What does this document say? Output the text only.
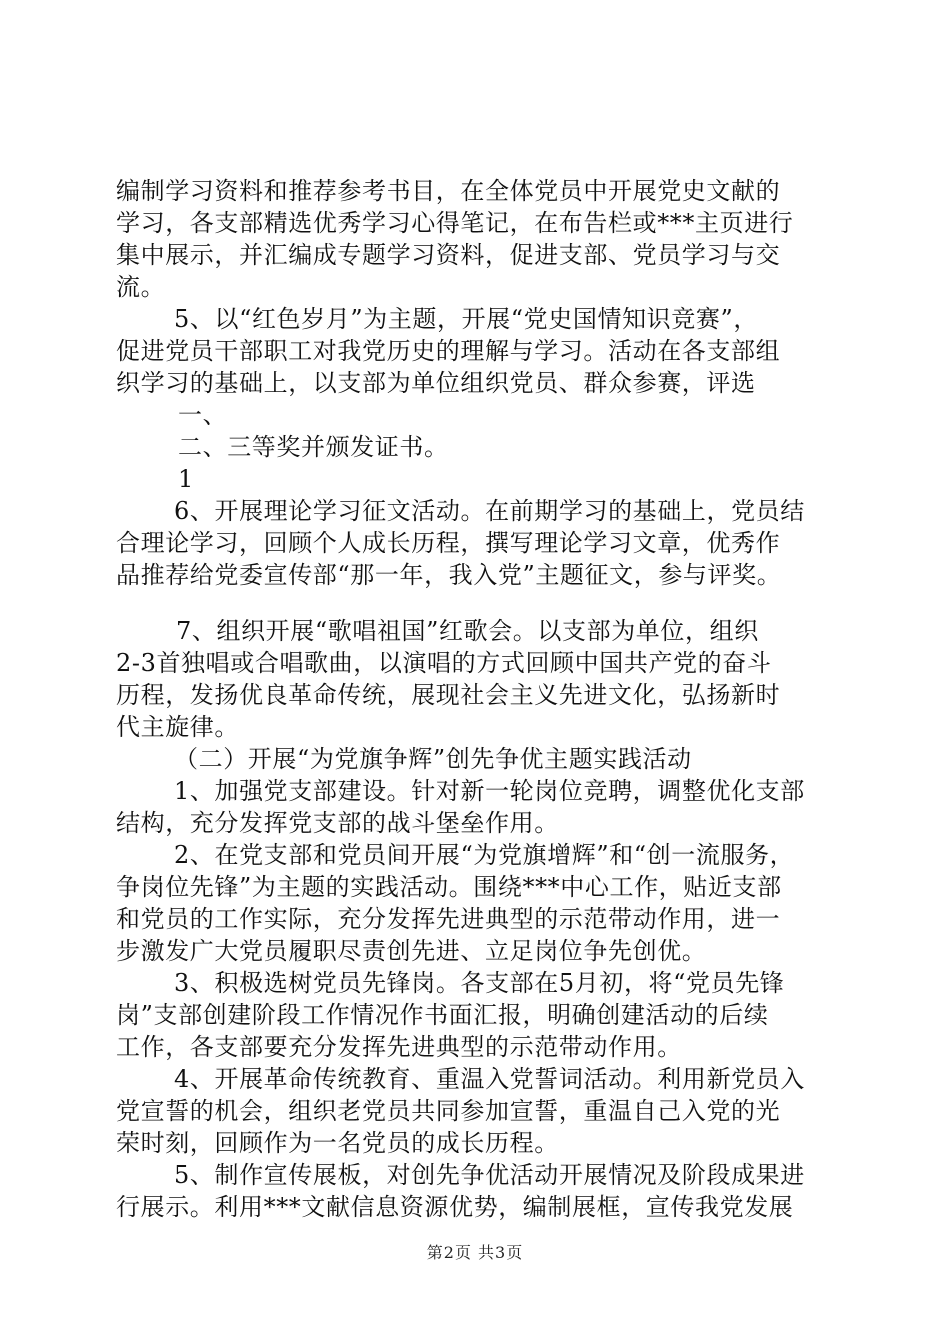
编制学习资料和推荐参考书目，在全体党员中开展党史文献的
学习，各支部精选优秀学习心得笔记，在布告栏或***主页进行
集中展示，并汇编成专题学习资料，促进支部、党员学习与交
流。
5、以“红色岁月”为主题，开展“党史国情知识竞赛”，
促进党员干部职工对我党历史的理解与学习。活动在各支部组
织学习的基础上，以支部为单位组织党员、群众参赛，评选
一、
二、三等奖并颁发证书。
1
6、开展理论学习征文活动。在前期学习的基础上，党员结
合理论学习，回顾个人成长历程，撰写理论学习文章，优秀作
品推荐给党委宣传部“那一年，我入党”主题征文，参与评奖。
7、组织开展“歌唱祖国”红歌会。以支部为单位，组织
2-3首独唱或合唱歌曲，以演唱的方式回顾中国共产党的奋斗
历程，发扬优良革命传统，展现社会主义先进文化，弘扬新时
代主旋律。
（二）开展“为党旗争辉”创先争优主题实践活动
1、加强党支部建设。针对新一轮岗位竞聘，调整优化支部
结构，充分发挥党支部的战斗堡垒作用。
2、在党支部和党员间开展“为党旗增辉”和“创一流服务，
争岗位先锋”为主题的实践活动。围绕***中心工作，贴近支部
和党员的工作实际，充分发挥先进典型的示范带动作用，进一
步激发广大党员履职尽责创先进、立足岗位争先创优。
3、积极选树党员先锋岗。各支部在5月初，将“党员先锋
岗”支部创建阶段工作情况作书面汇报，明确创建活动的后续
工作，各支部要充分发挥先进典型的示范带动作用。
4、开展革命传统教育、重温入党誓词活动。利用新党员入
党宣誓的机会，组织老党员共同参加宣誓，重温自己入党的光
荣时刻，回顾作为一名党员的成长历程。
5、制作宣传展板，对创先争优活动开展情况及阶段成果进
行展示。利用***文献信息资源优势，编制展框，宣传我党发展
第2页 共3页
